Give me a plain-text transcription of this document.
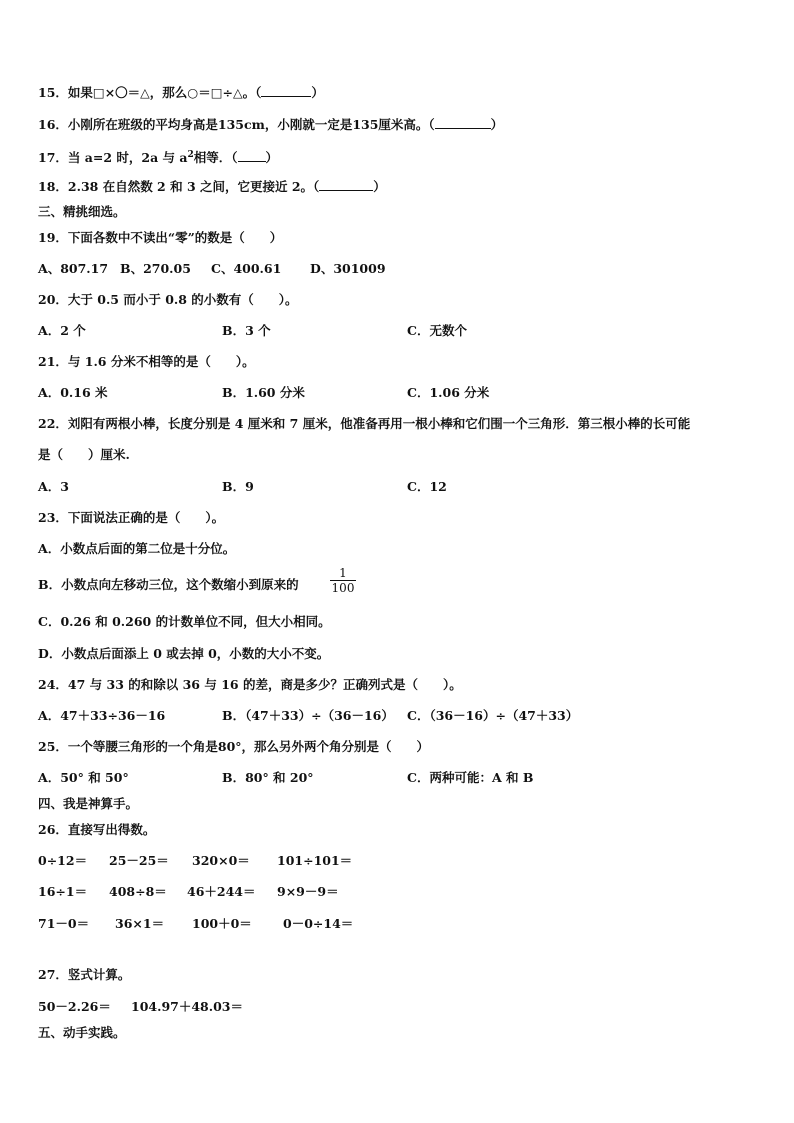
15．如果□×〇＝△，那么○＝□÷△。（	）
16．小刚所在班级的平均身高是135cm，小刚就一定是135厘米高。（	）
17．当 a=2 时，2a 与 $a^2$相等．（ ）
18．2.38 在自然数 2 和 3 之间，它更接近 2。（	）
三、精挑细选。
19．下面各数中不读出“零”的数是（　　）
A、807.17 B、270.05 C、400.61 D、301009
20．大于 0.5 而小于 0.8 的小数有（　　）。
A．2 个	B．3 个	C．无数个
21．与 1.6 分米不相等的是（　　）。
A．0.16 米	B．1.60 分米	C．1.06 分米
22．刘阳有两根小棒，长度分别是 4 厘米和 7 厘米，他准备再用一根小棒和它们围一个三角形．第三根小棒的长可能
是（　　）厘米.
A．3	B．9	C．12
23．下面说法正确的是（　　）。
A．小数点后面的第二位是十分位。
B．小数点向左移动三位，这个数缩小到原来的	$\frac{1}{100}$
C．0.26 和 0.260 的计数单位不同，但大小相同。
D．小数点后面添上 0 或去掉 0，小数的大小不变。
24．47 与 33 的和除以 36 与 16 的差，商是多少？正确列式是（　　）。
A．47＋33÷36－16	B．（47＋33）÷（36－16） C．（36－16）÷（47＋33）
25．一个等腰三角形的一个角是80°，那么另外两个角分别是（　　）
A．50° 和 50°	B．80° 和 20°	C．两种可能：A 和 B
四、我是神算手。
26．直接写出得数。
0÷12＝ 25－25＝ 320×0＝ 101÷101＝
16÷1＝ 408÷8＝ 46＋244＝ 9×9－9＝
71－0＝ 36×1＝ 100＋0＝ 0－0÷14＝
27．竖式计算。
50－2.26＝ 104.97＋48.03＝
五、动手实践。
